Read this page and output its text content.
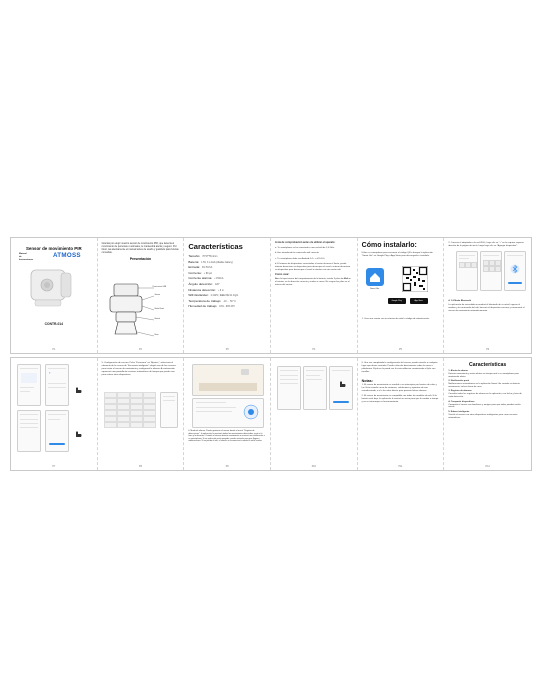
Sensor de movimiento PIR

Manual de Instrucciones
ATMOSS
CONTR-014
P1

Gracias por elegir nuestro sensor de movimiento PIR, que detecta el movimiento de personas o animales, le mantendrá alerta y seguro. Por favor, lea atentamente el manual antes de usarlo y guárdelo para futuras consultas.

Presentación

Puerto micro USB
Sensor
Botón Reset
Batería
Base
P2

Características

Tamaño: 70*47*55.4mm

Batería: 1.5V, 3 x AAA (Alkaline battery)

Entrada: DC 5V/1A

Corriente: ≤ 80 μA

Corriente alarma: ≤ 150mA

Ángulo detección: 120°

Distancia detección: ≤ 6 m

WiFi Estándar: 2.4GHz, IEEE 802.11 b/g/n

Temperatura de trabajo: -10 … 50 °C

Humedad de trabajo: 10% - 90% RH

P3

Lista de comprobación antes de utilizar el aparato:

a. Tu smartphone se ha conectado a una red wifi de 2,4 GHz.

b. Has introducido la contraseña wifi correcta.

c. Tu smartphone debe ser Android 4.4 + o iOS 8.0.

d. El número de dispositivos conectados al router alcanza el límite, puede intentar desactivar un dispositivo para desocupar el canal o intente desactivar un dispositivo para desocupar el canal e intentar con otro router wifi.

Como usar:

Abra la tapa trasera del compartimento de la batería, instale 3 pilas de AAA en el interior, en la dirección correcta y vuelva a cerrar. No cargue las pilas en el interior del sensor.

P4

Cómo instalarlo:

Utilice su smartphone para escanear el código QR o busque la aplicación "Smart Life" en Google Play o App Store para descargarla e instalarla.

Smart Life
Google Play	App Store

1. Cree una cuenta con tu número de móvil o código de autenticación.

P5

2. Conecte el adaptador a la red Wi-Fi, haga clic en "+" en la esquina superior derecha de la página de inicio, luego haga clic en "Agregar dispositivo".

4. 1.6 Modo Bluetooth

La aplicación de encendido encenderá el bluetooth de su móvil, ingrese el nombre y la contraseña del wifi, buscará el dispositivo cercano y comenzará el sensor de movimiento automáticamente.

P6
°
P7

5. Configuración de escena: Pulse "Escenario" en "Ajustes", seleccione el elemento de la escena de "Escenario inteligente" elegirá una de las escenas para iniciar el sensor de movimiento y configurará la alarma. A continuación aparecerá una pantalla de acciones automáticas de tiempo que puede usar para activar otros dispositivos.

P8

6. Modo de alarma: Puede gestionar el sensor desde el menú "Registro de detecciones": la aplicación le mostrará todos los movimientos detectados, junto a la hora y la duración. Cuando el sensor detecte movimiento se enviará una notificación a su smartphone. Si su aplicación está apagada, puede activarla para que lleguen notificaciones. Si se pierde el wifi, el sensor se reconectará cuando la señal vuelva.

P9	P10

5. Una vez completada la configuración del sensor, puede moverlo a cualquier lugar que desee controlar. Puede colocarlo directamente sobre la mesa o plataforma. Fíjelo en la pared con la cinta adhesiva suministrada o fíjelo con tornillos.

Notas:

1. El sensor de movimiento es sensible a un interruptor por fuentes de calor y luz. Evite situarlo cerca de ventanas, calefactores y aparatos de aire acondicionado, o a la luz solar directa para prevenir falsas alarmas.

2. El sensor de movimiento es compatible con todos los modelos de wifi. Si la batería está baja, la aplicación le enviará un aviso para que la cambie a tiempo y no se interrumpa su funcionamiento.

P11

Características

1. Alerta de alarma

Detecta movimiento y envía alertas en tiempo real a su smartphone para mantenerle alerta.

2. Notificación push

Notificaciones instantáneas en la aplicación Smart Life cuando se detecta movimiento, incluso fuera de casa.

3. Registro de alarmas

Consulte todos los registros de alarma en la aplicación, con fecha y hora de cada detección.

4. Compartir dispositivos

Comparta el sensor con familiares y amigos para que todos puedan recibir avisos.

5. Enlace inteligente

Vincule el sensor con otros dispositivos inteligentes para crear escenas automáticas.

P12
